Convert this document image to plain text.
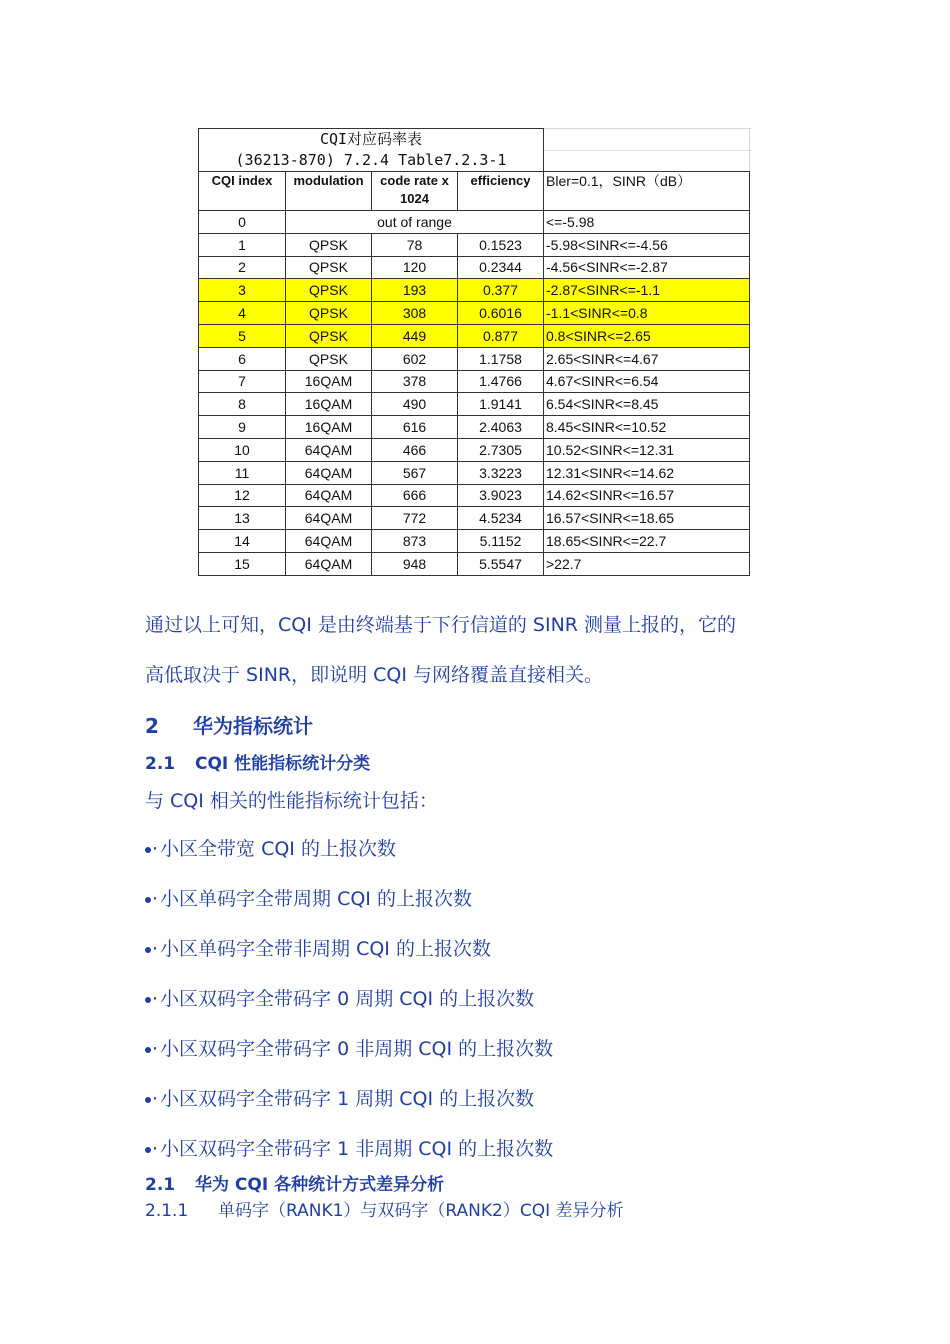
CQI对应码率表
(36213-870) 7.2.4 Table7.2.3-1				

CQI index	modulation	code rate x 1024	efficiency	Bler=0.1，SINR（dB）
0	out of range			<=-5.98
1	QPSK	78	0.1523	-5.98<SINR<=-4.56
2	QPSK	120	0.2344	-4.56<SINR<=-2.87
3	QPSK	193	0.377	-2.87<SINR<=-1.1
4	QPSK	308	0.6016	-1.1<SINR<=0.8
5	QPSK	449	0.877	0.8<SINR<=2.65
6	QPSK	602	1.1758	2.65<SINR<=4.67
7	16QAM	378	1.4766	4.67<SINR<=6.54
8	16QAM	490	1.9141	6.54<SINR<=8.45
9	16QAM	616	2.4063	8.45<SINR<=10.52
10	64QAM	466	2.7305	10.52<SINR<=12.31
11	64QAM	567	3.3223	12.31<SINR<=14.62
12	64QAM	666	3.9023	14.62<SINR<=16.57
13	64QAM	772	4.5234	16.57<SINR<=18.65
14	64QAM	873	5.1152	18.65<SINR<=22.7
15	64QAM	948	5.5547	>22.7
通过以上可知，CQI 是由终端基于下行信道的 SINR 测量上报的，它的
高低取决于 SINR，即说明 CQI 与网络覆盖直接相关。
2 华为指标统计
2.1 CQI 性能指标统计分类
与 CQI 相关的性能指标统计包括：
· 小区全带宽 CQI 的上报次数
· 小区单码字全带周期 CQI 的上报次数
· 小区单码字全带非周期 CQI 的上报次数
· 小区双码字全带码字 0 周期 CQI 的上报次数
· 小区双码字全带码字 0 非周期 CQI 的上报次数
· 小区双码字全带码字 1 周期 CQI 的上报次数
· 小区双码字全带码字 1 非周期 CQI 的上报次数
2.1 华为 CQI 各种统计方式差异分析
2.1.1 单码字（RANK1）与双码字（RANK2）CQI 差异分析
